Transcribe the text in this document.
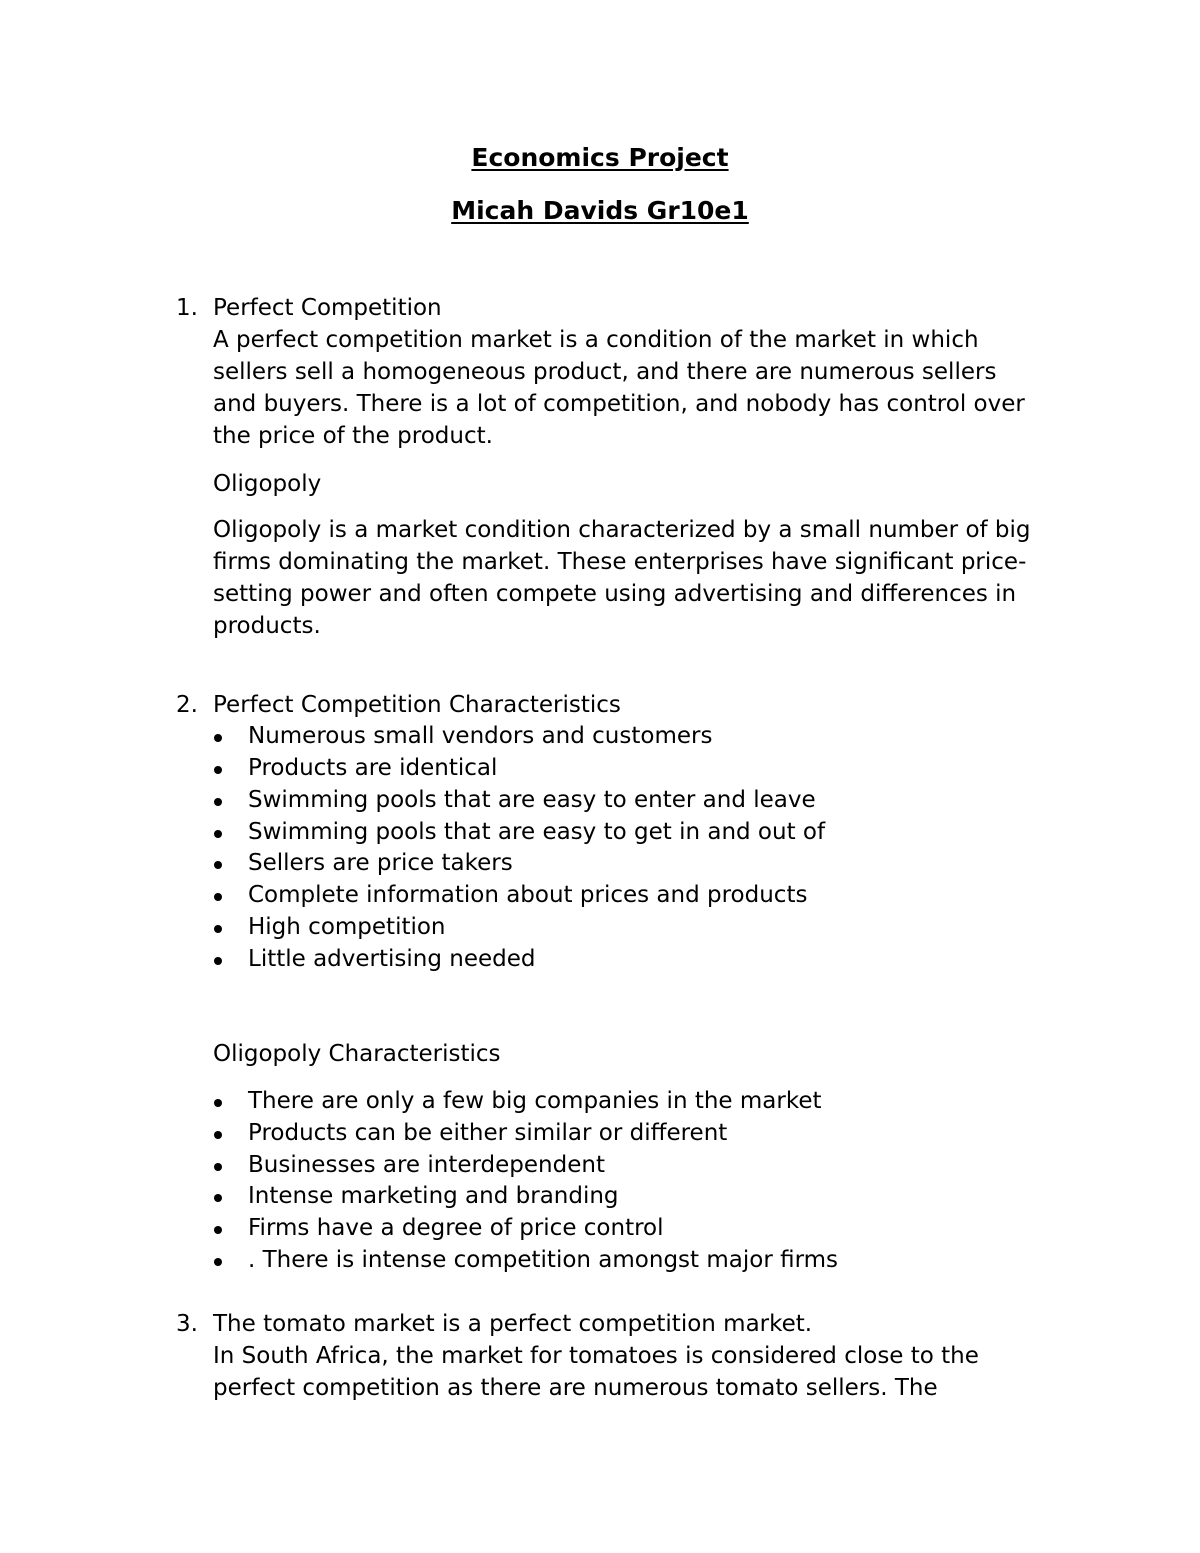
Economics Project
Micah Davids Gr10e1
1. Perfect Competition
A perfect competition market is a condition of the market in which
sellers sell a homogeneous product, and there are numerous sellers
and buyers. There is a lot of competition, and nobody has control over
the price of the product.
Oligopoly
Oligopoly is a market condition characterized by a small number of big
firms dominating the market. These enterprises have significant price-
setting power and often compete using advertising and differences in
products.
2. Perfect Competition Characteristics
Numerous small vendors and customers
Products are identical
Swimming pools that are easy to enter and leave
Swimming pools that are easy to get in and out of
Sellers are price takers
Complete information about prices and products
High competition
Little advertising needed
Oligopoly Characteristics
There are only a few big companies in the market
Products can be either similar or different
Businesses are interdependent
Intense marketing and branding
Firms have a degree of price control
. There is intense competition amongst major firms
3. The tomato market is a perfect competition market.
In South Africa, the market for tomatoes is considered close to the
perfect competition as there are numerous tomato sellers. The
